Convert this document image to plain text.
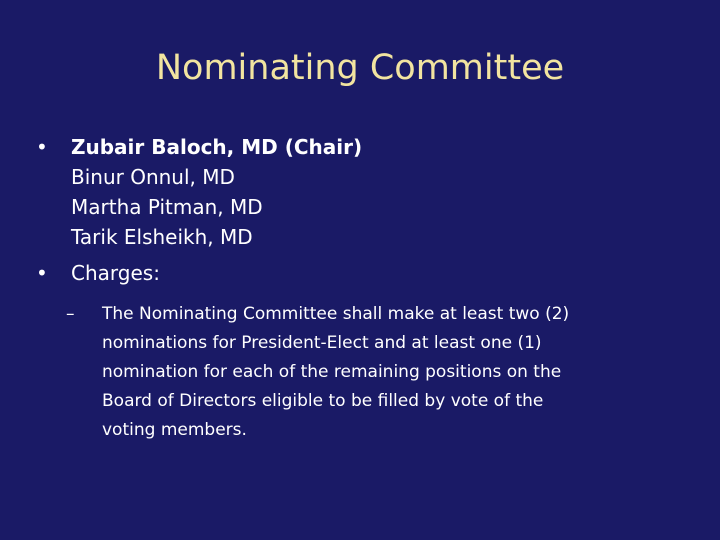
Nominating Committee
• Zubair Baloch, MD (Chair)
Binur Onnul, MD
Martha Pitman, MD
Tarik Elsheikh, MD
• Charges:
– The Nominating Committee shall make at least two (2)
nominations for President-Elect and at least one (1)
nomination for each of the remaining positions on the
Board of Directors eligible to be filled by vote of the
voting members.
